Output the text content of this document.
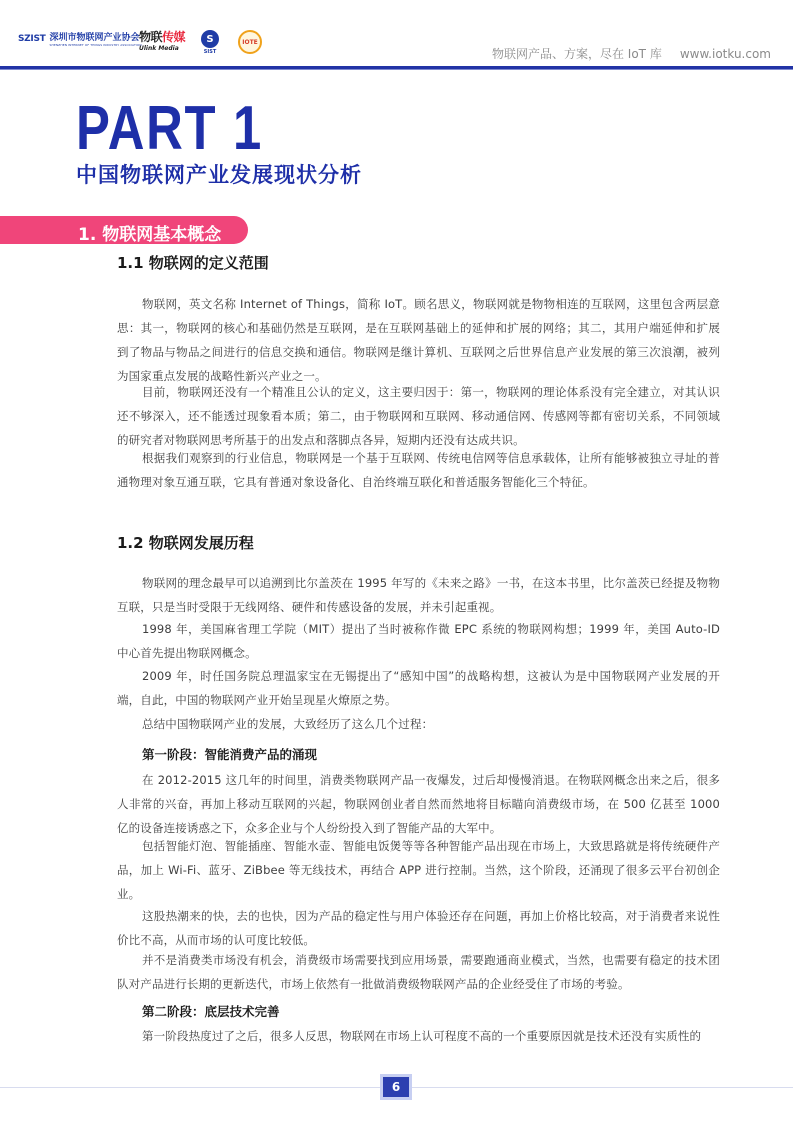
SZIST 深圳市物联网产业协会
SHENZHEN INTERNET OF THINGS INDUSTRY ASSOCIATION
物联传媒
Ulink Media
S
SIST
IOTE
物联网产品、方案，尽在 IoT 库 www.iotku.com
PART 1
中国物联网产业发展现状分析
1. 物联网基本概念
1.1 物联网的定义范围
物联网，英文名称 Internet of Things，简称 IoT。顾名思义，物联网就是物物相连的互联网，这里包含两层意思：其一，物联网的核心和基础仍然是互联网，是在互联网基础上的延伸和扩展的网络；其二，其用户端延伸和扩展到了物品与物品之间进行的信息交换和通信。物联网是继计算机、互联网之后世界信息产业发展的第三次浪潮，被列为国家重点发展的战略性新兴产业之一。
目前，物联网还没有一个精准且公认的定义，这主要归因于：第一，物联网的理论体系没有完全建立，对其认识还不够深入，还不能透过现象看本质；第二，由于物联网和互联网、移动通信网、传感网等都有密切关系，不同领域的研究者对物联网思考所基于的出发点和落脚点各异，短期内还没有达成共识。
根据我们观察到的行业信息，物联网是一个基于互联网、传统电信网等信息承载体，让所有能够被独立寻址的普通物理对象互通互联，它具有普通对象设备化、自治终端互联化和普适服务智能化三个特征。
1.2 物联网发展历程
物联网的理念最早可以追溯到比尔盖茨在 1995 年写的《未来之路》一书，在这本书里，比尔盖茨已经提及物物互联，只是当时受限于无线网络、硬件和传感设备的发展，并未引起重视。
1998 年，美国麻省理工学院（MIT）提出了当时被称作微 EPC 系统的物联网构想；1999 年，美国 Auto-ID 中心首先提出物联网概念。
2009 年，时任国务院总理温家宝在无锡提出了“感知中国”的战略构想，这被认为是中国物联网产业发展的开端，自此，中国的物联网产业开始呈现星火燎原之势。
总结中国物联网产业的发展，大致经历了这么几个过程：
第一阶段：智能消费产品的涌现
在 2012-2015 这几年的时间里，消费类物联网产品一夜爆发，过后却慢慢消退。在物联网概念出来之后，很多人非常的兴奋，再加上移动互联网的兴起，物联网创业者自然而然地将目标瞄向消费级市场，在 500 亿甚至 1000 亿的设备连接诱惑之下，众多企业与个人纷纷投入到了智能产品的大军中。
包括智能灯泡、智能插座、智能水壶、智能电饭煲等等各种智能产品出现在市场上，大致思路就是将传统硬件产品，加上 Wi-Fi、蓝牙、ZiBbee 等无线技术，再结合 APP 进行控制。当然，这个阶段，还涌现了很多云平台初创企业。
这股热潮来的快，去的也快，因为产品的稳定性与用户体验还存在问题，再加上价格比较高，对于消费者来说性价比不高，从而市场的认可度比较低。
并不是消费类市场没有机会，消费级市场需要找到应用场景，需要跑通商业模式，当然，也需要有稳定的技术团队对产品进行长期的更新迭代，市场上依然有一批做消费级物联网产品的企业经受住了市场的考验。
第二阶段：底层技术完善
第一阶段热度过了之后，很多人反思，物联网在市场上认可程度不高的一个重要原因就是技术还没有实质性的
6
